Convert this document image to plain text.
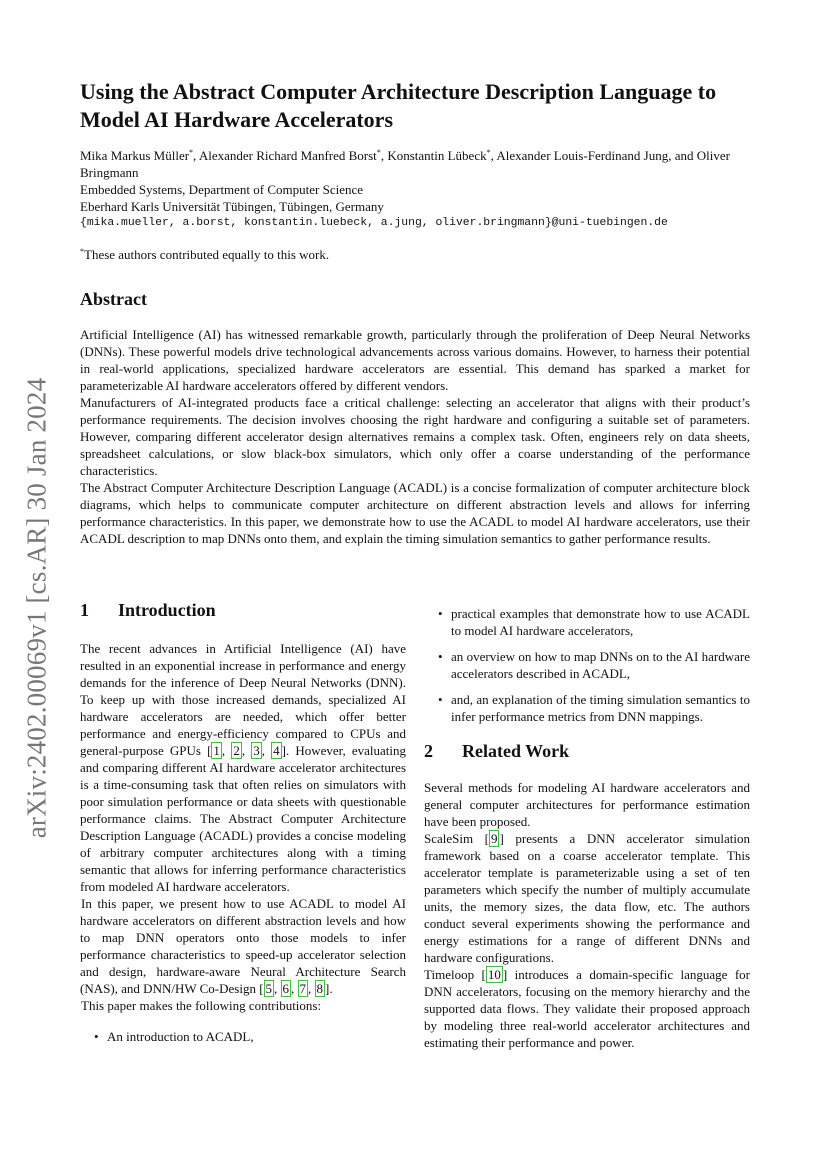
arXiv:2402.00069v1 [cs.AR] 30 Jan 2024
Using the Abstract Computer Architecture Description Language to Model AI Hardware Accelerators
Mika Markus Müller*, Alexander Richard Manfred Borst*, Konstantin Lübeck*, Alexander Louis-Ferdinand Jung, and Oliver Bringmann
Embedded Systems, Department of Computer Science
Eberhard Karls Universität Tübingen, Tübingen, Germany
{mika.mueller, a.borst, konstantin.luebeck, a.jung, oliver.bringmann}@uni-tuebingen.de
*These authors contributed equally to this work.
Abstract

Artificial Intelligence (AI) has witnessed remarkable growth, particularly through the proliferation of Deep Neural Networks (DNNs). These powerful models drive technological advancements across various domains. However, to harness their potential in real-world applications, specialized hardware accelerators are essential. This demand has sparked a market for parameterizable AI hardware accelerators offered by different vendors.

Manufacturers of AI-integrated products face a critical challenge: selecting an accelerator that aligns with their product’s performance requirements. The decision involves choosing the right hardware and configuring a suitable set of parameters. However, comparing different accelerator design alternatives remains a complex task. Often, engineers rely on data sheets, spreadsheet calculations, or slow black-box simulators, which only offer a coarse understanding of the performance characteristics.

The Abstract Computer Architecture Description Language (ACADL) is a concise formalization of computer architecture block diagrams, which helps to communicate computer architecture on different abstraction levels and allows for inferring performance characteristics. In this paper, we demonstrate how to use the ACADL to model AI hardware accelerators, use their ACADL description to map DNNs onto them, and explain the timing simulation semantics to gather performance results.

1 Introduction

The recent advances in Artificial Intelligence (AI) have resulted in an exponential increase in performance and energy demands for the inference of Deep Neural Networks (DNN). To keep up with those increased demands, specialized AI hardware accelerators are needed, which offer better performance and energy-efficiency compared to CPUs and general-purpose GPUs [ 1 , 2 , 3 , 4 ]. However, evaluating and comparing different AI hardware accelerator architectures is a time-consuming task that often relies on simulators with poor simulation performance or data sheets with questionable performance claims. The Abstract Computer Architecture Description Language (ACADL) provides a concise modeling of arbitrary computer architectures along with a timing semantic that allows for inferring performance characteristics from modeled AI hardware accelerators.

In this paper, we present how to use ACADL to model AI hardware accelerators on different abstraction levels and how to map DNN operators onto those models to infer performance characteristics to speed-up accelerator selection and design, hardware-aware Neural Architecture Search (NAS), and DNN/HW Co-Design [ 5 , 6 , 7 , 8 ].

This paper makes the following contributions:

• An introduction to ACADL,
• practical examples that demonstrate how to use ACADL to model AI hardware accelerators,
• an overview on how to map DNNs on to the AI hardware accelerators described in ACADL,
• and, an explanation of the timing simulation semantics to infer performance metrics from DNN mappings.
2 Related Work

Several methods for modeling AI hardware accelerators and general computer architectures for performance estimation have been proposed.

ScaleSim [ 9 ] presents a DNN accelerator simulation framework based on a coarse accelerator template. This accelerator template is parameterizable using a set of ten parameters which specify the number of multiply accumulate units, the memory sizes, the data flow, etc. The authors conduct several experiments showing the performance and energy estimations for a range of different DNNs and hardware configurations.

Timeloop [ 10 ] introduces a domain-specific language for DNN accelerators, focusing on the memory hierarchy and the supported data flows. They validate their proposed approach by modeling three real-world accelerator architectures and estimating their performance and power.
